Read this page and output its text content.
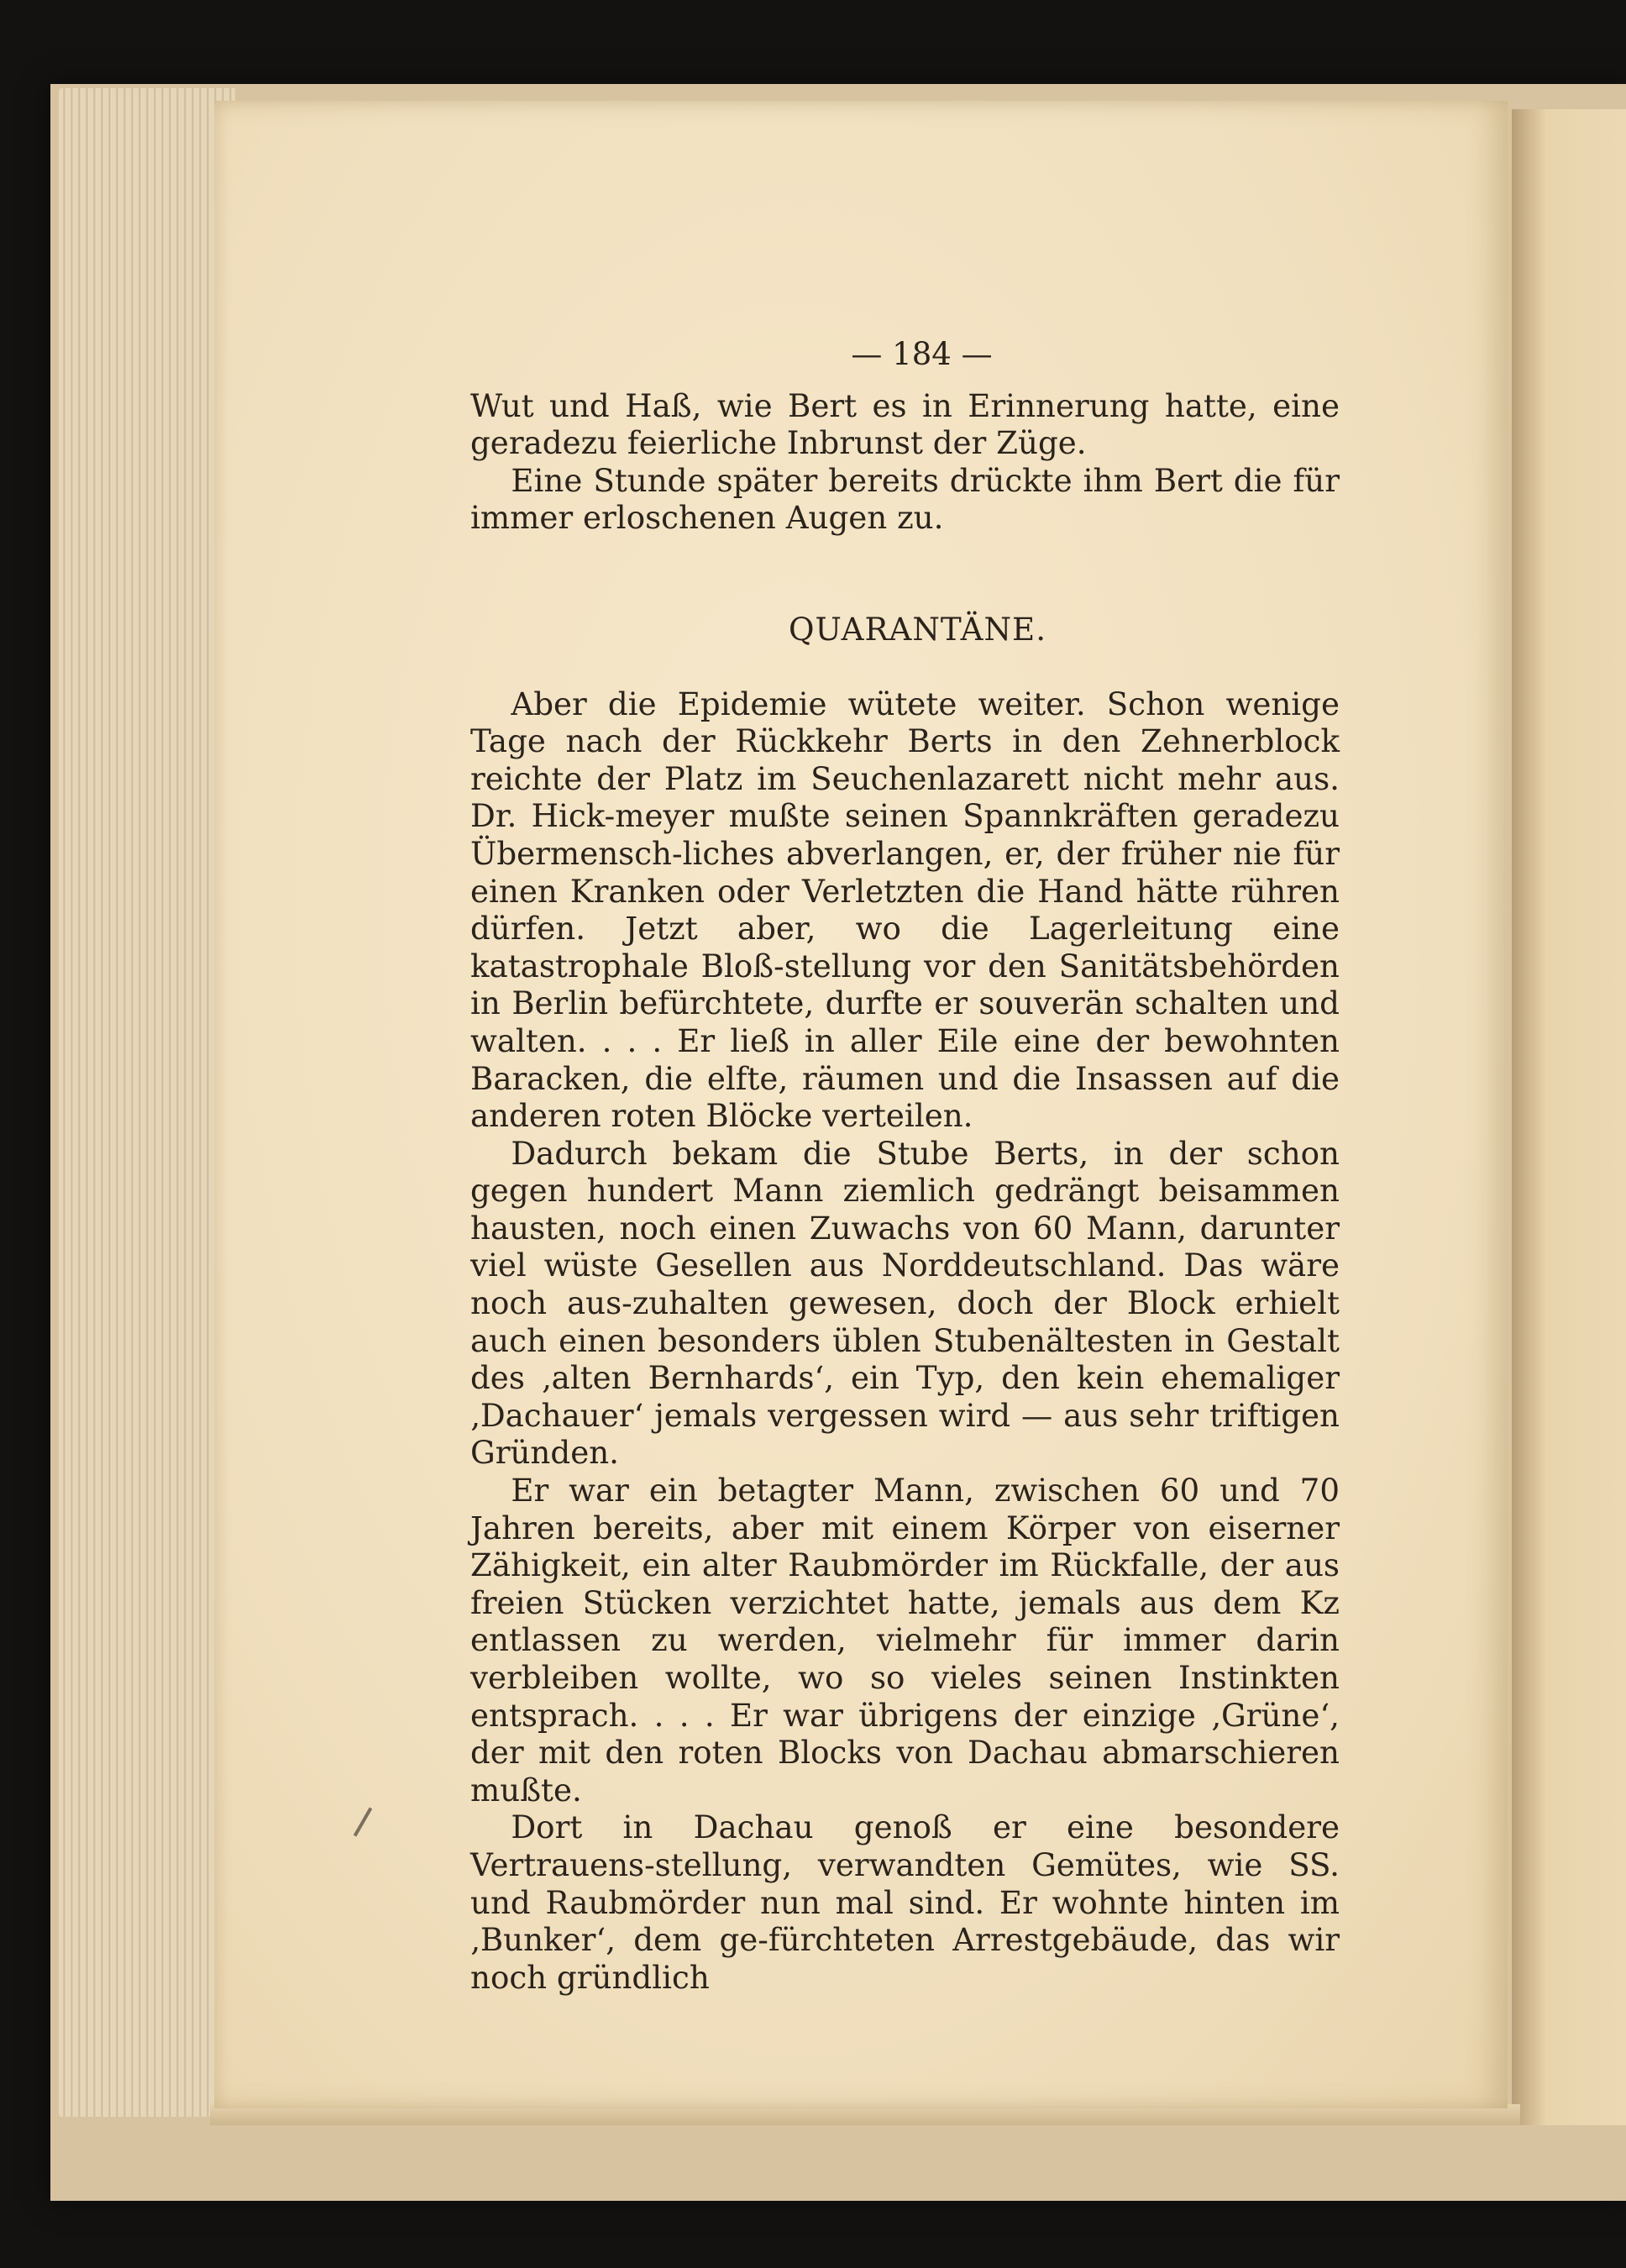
— 184 —

Wut und Haß, wie Bert es in Erinnerung hatte, eine geradezu feierliche Inbrunst der Züge.

Eine Stunde später bereits drückte ihm Bert die für immer erloschenen Augen zu.

QUARANTÄNE.

Aber die Epidemie wütete weiter. Schon wenige Tage nach der Rückkehr Berts in den Zehnerblock reichte der Platz im Seuchenlazarett nicht mehr aus. Dr. Hick-meyer mußte seinen Spannkräften geradezu Übermensch-liches abverlangen, er, der früher nie für einen Kranken oder Verletzten die Hand hätte rühren dürfen. Jetzt aber, wo die Lagerleitung eine katastrophale Bloß-stellung vor den Sanitätsbehörden in Berlin befürchtete, durfte er souverän schalten und walten. . . . Er ließ in aller Eile eine der bewohnten Baracken, die elfte, räumen und die Insassen auf die anderen roten Blöcke verteilen.

Dadurch bekam die Stube Berts, in der schon gegen hundert Mann ziemlich gedrängt beisammen hausten, noch einen Zuwachs von 60 Mann, darunter viel wüste Gesellen aus Norddeutschland. Das wäre noch aus-zuhalten gewesen, doch der Block erhielt auch einen besonders üblen Stubenältesten in Gestalt des ‚alten Bernhards‘, ein Typ, den kein ehemaliger ‚Dachauer‘ jemals vergessen wird — aus sehr triftigen Gründen.

Er war ein betagter Mann, zwischen 60 und 70 Jahren bereits, aber mit einem Körper von eiserner Zähigkeit, ein alter Raubmörder im Rückfalle, der aus freien Stücken verzichtet hatte, jemals aus dem Kz entlassen zu werden, vielmehr für immer darin verbleiben wollte, wo so vieles seinen Instinkten entsprach. . . . Er war übrigens der einzige ‚Grüne‘, der mit den roten Blocks von Dachau abmarschieren mußte.

Dort in Dachau genoß er eine besondere Vertrauens-stellung, verwandten Gemütes, wie SS. und Raubmörder nun mal sind. Er wohnte hinten im ‚Bunker‘, dem ge-fürchteten Arrestgebäude, das wir noch gründlich
